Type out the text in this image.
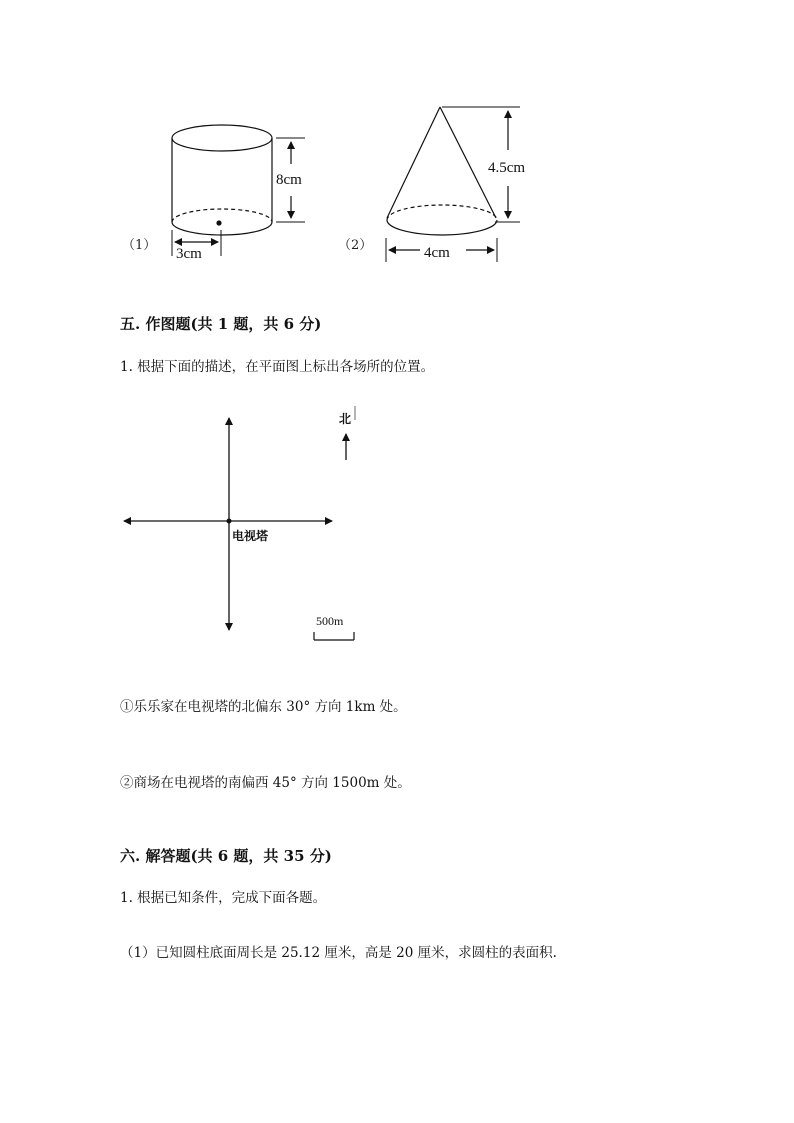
（1）
8cm
3cm
（2）
4.5cm
4cm
五. 作图题(共 1 题，共 6 分)
1. 根据下面的描述，在平面图上标出各场所的位置。
北
电视塔
500m
①乐乐家在电视塔的北偏东 30° 方向 1km 处。
②商场在电视塔的南偏西 45° 方向 1500m 处。
六. 解答题(共 6 题，共 35 分)
1. 根据已知条件，完成下面各题。
（1）已知圆柱底面周长是 25.12 厘米，高是 20 厘米，求圆柱的表面积.
